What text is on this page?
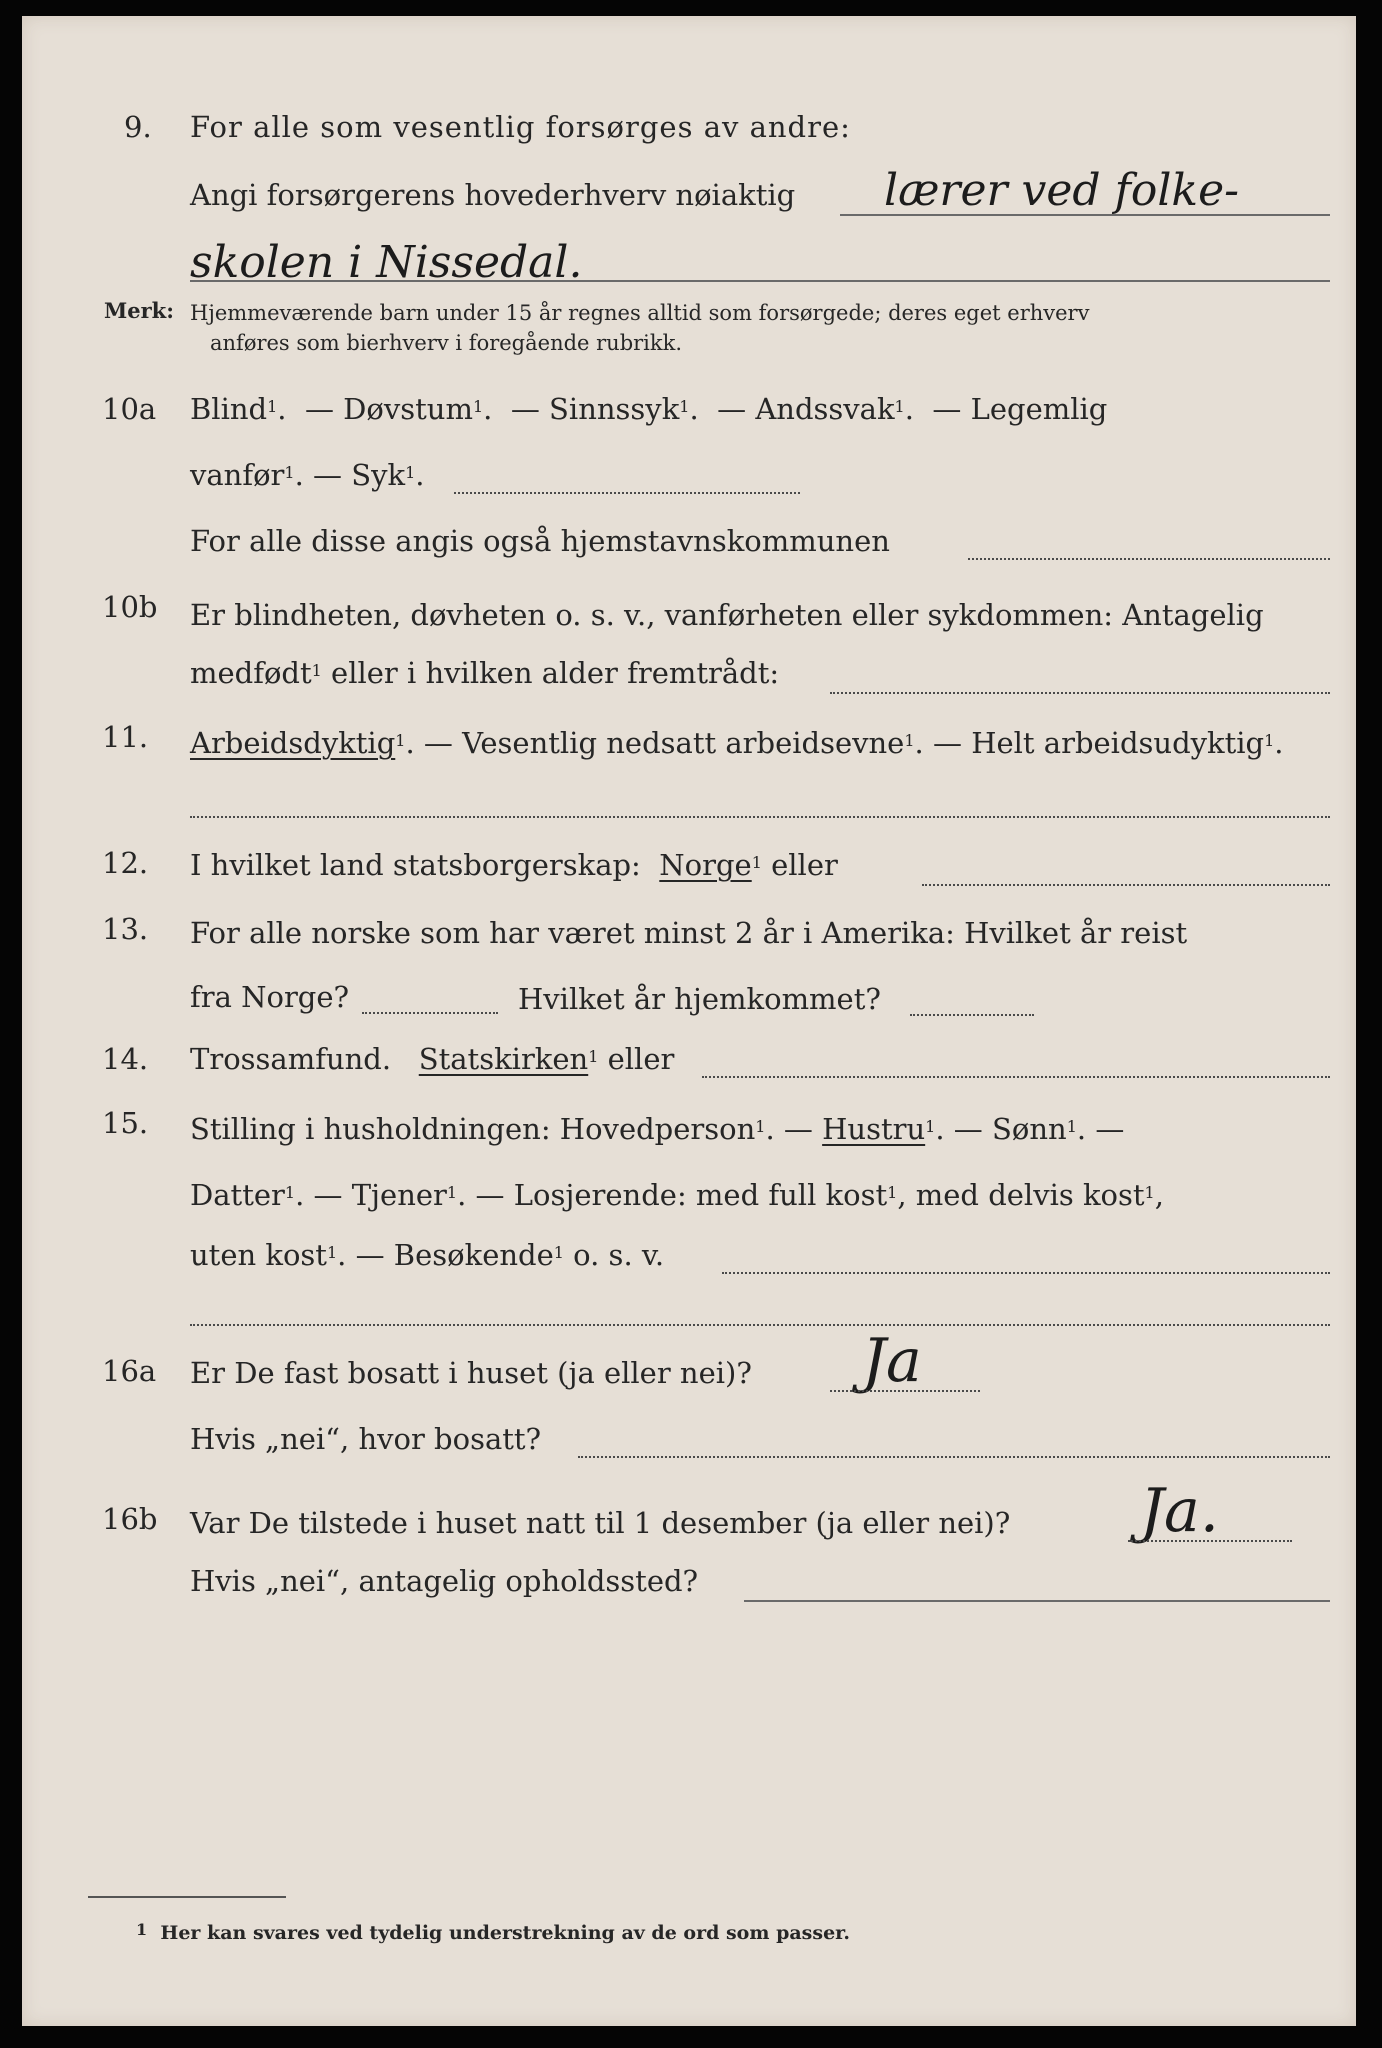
9. For alle som vesentlig forsørges av andre:
Angi forsørgerens hovederhverv nøiaktig lærer ved folke-
skolen i Nissedal.
Merk: Hjemmeværende barn under 15 år regnes alltid som forsørgede; deres eget erhverv
anføres som bierhverv i foregående rubrikk.
10a Blind$^1$.  — Døvstum$^1$.  — Sinnssyk$^1$.  — Andssvak$^1$.  — Legemlig
vanfør$^1$. — Syk$^1$.
For alle disse angis også hjemstavnskommunen
10b Er blindheten, døvheten o. s. v., vanførheten eller sykdommen: Antagelig
medfødt$^1$ eller i hvilken alder fremtrådt:
11. Arbeidsdyktig$^1$. — Vesentlig nedsatt arbeidsevne$^1$. — Helt arbeidsudyktig$^1$.
12. I hvilket land statsborgerskap: Norge$^1$ eller
13. For alle norske som har været minst 2 år i Amerika: Hvilket år reist
fra Norge?	Hvilket år hjemkommet?
14. Trossamfund. Statskirken$^1$ eller
15. Stilling i husholdningen: Hovedperson$^1$. — Hustru$^1$. — Sønn$^1$. —
Datter$^1$. — Tjener$^1$. — Losjerende: med full kost$^1$, med delvis kost$^1$,
uten kost$^1$. — Besøkende$^1$ o. s. v.
16a Er De fast bosatt i huset (ja eller nei)? Ja
Hvis „nei“, hvor bosatt?
16b Var De tilstede i huset natt til 1 desember (ja eller nei)? Ja.
Hvis „nei“, antagelig opholdssted?
$^1$ Her kan svares ved tydelig understrekning av de ord som passer.
